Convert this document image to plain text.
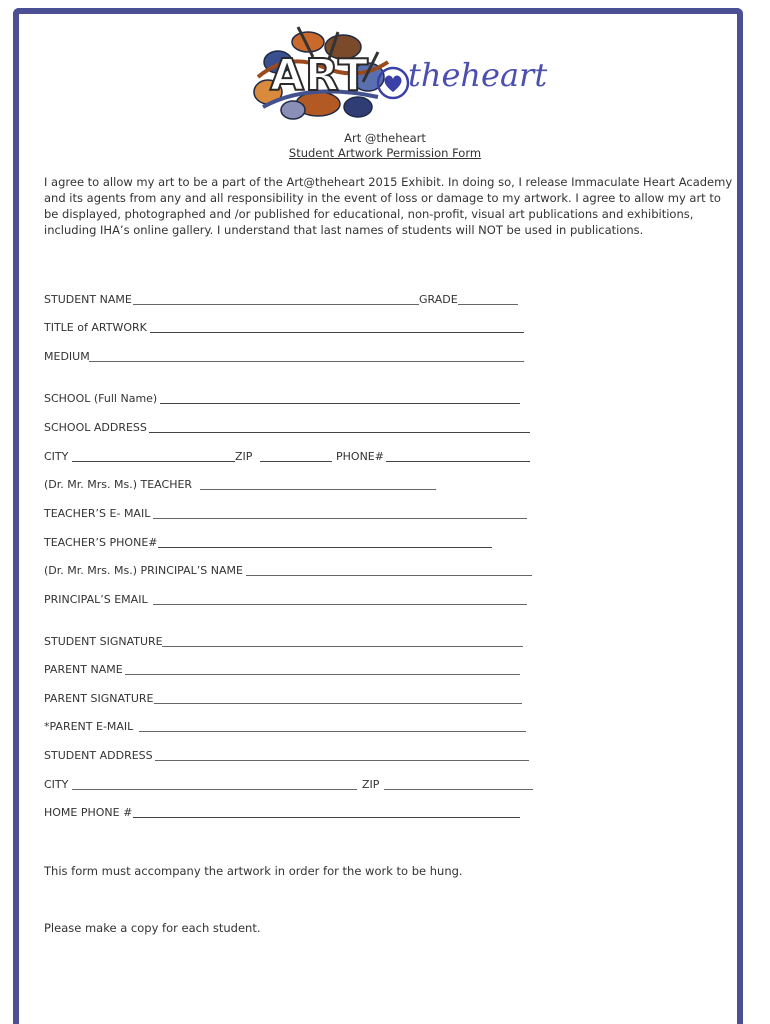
ART theheart
Art @theheart
Student Artwork Permission Form
I agree to allow my art to be a part of the Art@theheart 2015 Exhibit. In doing so, I release Immaculate Heart Academy and its agents from any and all responsibility in the event of loss or damage to my artwork. I agree to allow my art to be displayed, photographed and /or published for educational, non-profit, visual art publications and exhibitions, including IHA’s online gallery. I understand that last names of students will NOT be used in publications.
STUDENT NAME	GRADE
TITLE of ARTWORK
MEDIUM
SCHOOL (Full Name)
SCHOOL ADDRESS
CITY	ZIP	PHONE#
(Dr. Mr. Mrs. Ms.) TEACHER
TEACHER’S E- MAIL
TEACHER’S PHONE#
(Dr. Mr. Mrs. Ms.) PRINCIPAL’S NAME
PRINCIPAL’S EMAIL
STUDENT SIGNATURE
PARENT NAME
PARENT SIGNATURE
*PARENT E-MAIL
STUDENT ADDRESS
CITY	ZIP
HOME PHONE #
This form must accompany the artwork in order for the work to be hung.
Please make a copy for each student.
